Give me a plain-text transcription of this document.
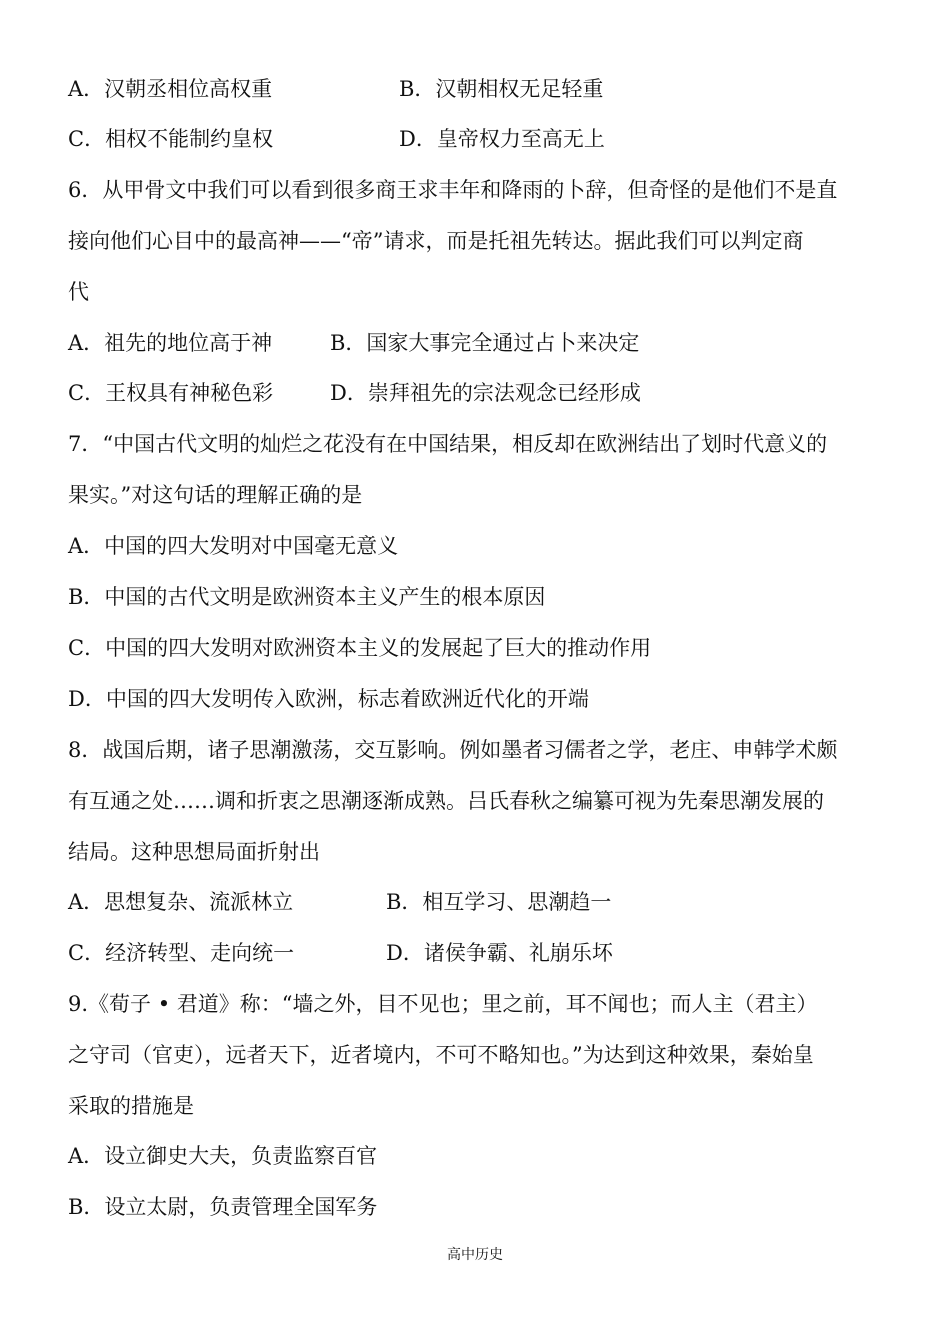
A．汉朝丞相位高权重	B．汉朝相权无足轻重
C．相权不能制约皇权	D．皇帝权力至高无上
6．从甲骨文中我们可以看到很多商王求丰年和降雨的卜辞，但奇怪的是他们不是直
接向他们心目中的最高神——“帝”请求，而是托祖先转达。据此我们可以判定商
代
A．祖先的地位高于神	B．国家大事完全通过占卜来决定
C．王权具有神秘色彩	D．崇拜祖先的宗法观念已经形成
7．“中国古代文明的灿烂之花没有在中国结果，相反却在欧洲结出了划时代意义的
果实。”对这句话的理解正确的是
A．中国的四大发明对中国毫无意义
B．中国的古代文明是欧洲资本主义产生的根本原因
C．中国的四大发明对欧洲资本主义的发展起了巨大的推动作用
D．中国的四大发明传入欧洲，标志着欧洲近代化的开端
8．战国后期，诸子思潮激荡，交互影响。例如墨者习儒者之学，老庄、申韩学术颇
有互通之处……调和折衷之思潮逐渐成熟。吕氏春秋之编纂可视为先秦思潮发展的
结局。这种思想局面折射出
A．思想复杂、流派林立	B．相互学习、思潮趋一
C．经济转型、走向统一	D．诸侯争霸、礼崩乐坏
9.《荀子 • 君道》称：“墙之外，目不见也；里之前，耳不闻也；而人主（君主）
之守司（官吏），远者天下，近者境内，不可不略知也。”为达到这种效果，秦始皇
采取的措施是
A．设立御史大夫，负责监察百官
B．设立太尉，负责管理全国军务
高中历史
